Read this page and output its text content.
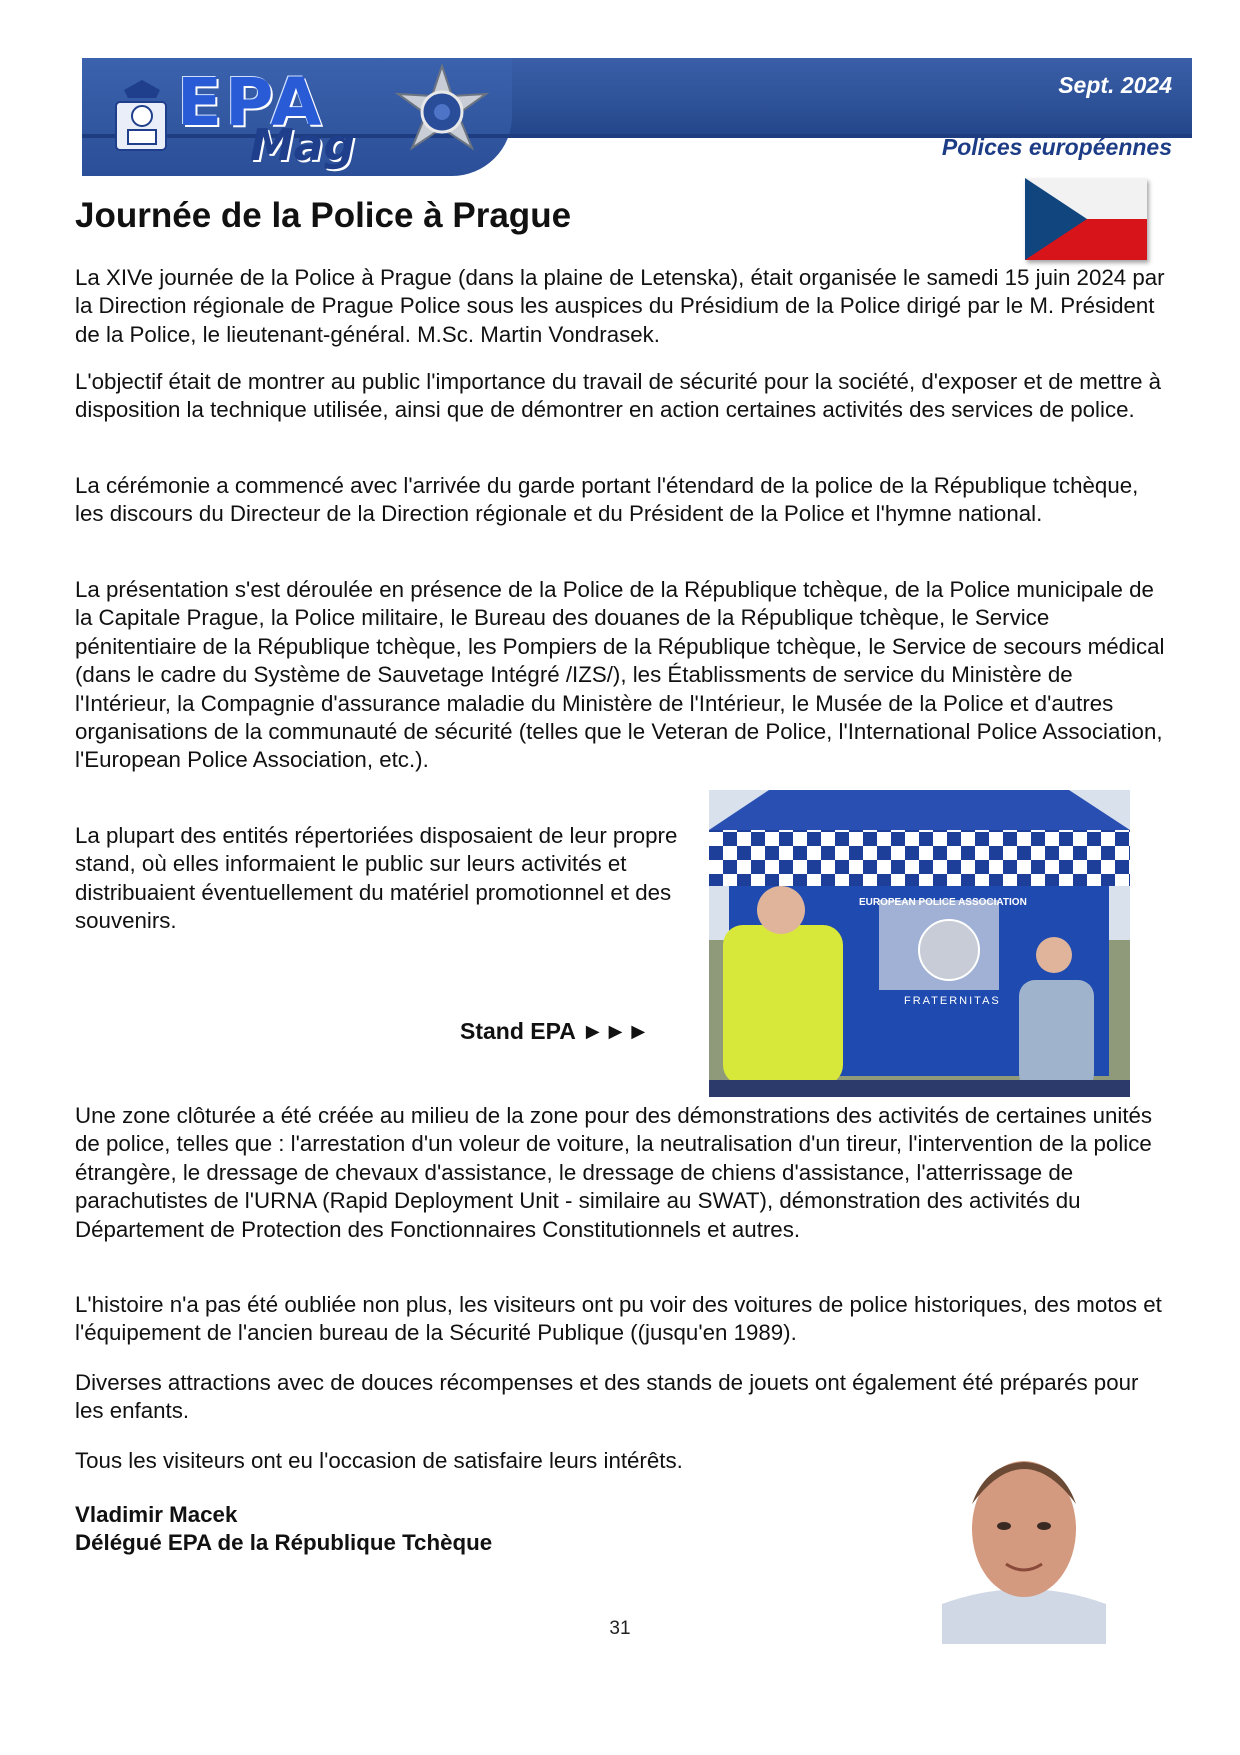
EPA
Mag
Sept. 2024
Polices européennes
Journée de la Police à Prague

La XIVe journée de la Police à Prague (dans la plaine de Letenska), était organisée le samedi 15 juin 2024 par la Direction régionale de Prague Police sous les auspices du Présidium de la Police dirigé par le M. Président de la Police, le lieutenant-général. M.Sc. Martin Vondrasek.

L'objectif était de montrer au public l'importance du travail de sécurité pour la société, d'exposer et de mettre à disposition la technique utilisée, ainsi que de démontrer en action certaines activités des services de police.

La cérémonie a commencé avec l'arrivée du garde portant l'étendard de la police de la République tchèque, les discours du Directeur de la Direction régionale et du Président de la Police et l'hymne national.

La présentation s'est déroulée en présence de la Police de la République tchèque, de la Police municipale de la Capitale Prague, la Police militaire, le Bureau des douanes de la République tchèque, le Service pénitentiaire de la République tchèque, les Pompiers de la République tchèque, le Service de secours médical (dans le cadre du Système de Sauvetage Intégré /IZS/), les Établissments de service du Ministère de l'Intérieur, la Compagnie d'assurance maladie du Ministère de l'Intérieur, le Musée de la Police et d'autres organisations de la communauté de sécurité (telles que le Veteran de Police, l'International Police Association, l'European Police Association, etc.).

La plupart des entités répertoriées disposaient de leur propre stand, où elles informaient le public sur leurs activités et distribuaient éventuellement du matériel promotionnel et des souvenirs.

Stand EPA ►►►
EUROPEAN POLICE ASSOCIATION
FRATERNITAS

Une zone clôturée a été créée au milieu de la zone pour des démonstrations des activités de certaines unités de police, telles que : l'arrestation d'un voleur de voiture, la neutralisation d'un tireur, l'intervention de la police étrangère, le dressage de chevaux d'assistance, le dressage de chiens d'assistance, l'atterrissage de parachutistes de l'URNA (Rapid Deployment Unit - similaire au SWAT), démonstration des activités du Département de Protection des Fonctionnaires Constitutionnels et autres.

L'histoire n'a pas été oubliée non plus, les visiteurs ont pu voir des voitures de police historiques, des motos et l'équipement de l'ancien bureau de la Sécurité Publique ((jusqu'en 1989).

Diverses attractions avec de douces récompenses et des stands de jouets ont également été préparés pour les enfants.

Tous les visiteurs ont eu l'occasion de satisfaire leurs intérêts.

Vladimir Macek
Délégué EPA de la République Tchèque
31
